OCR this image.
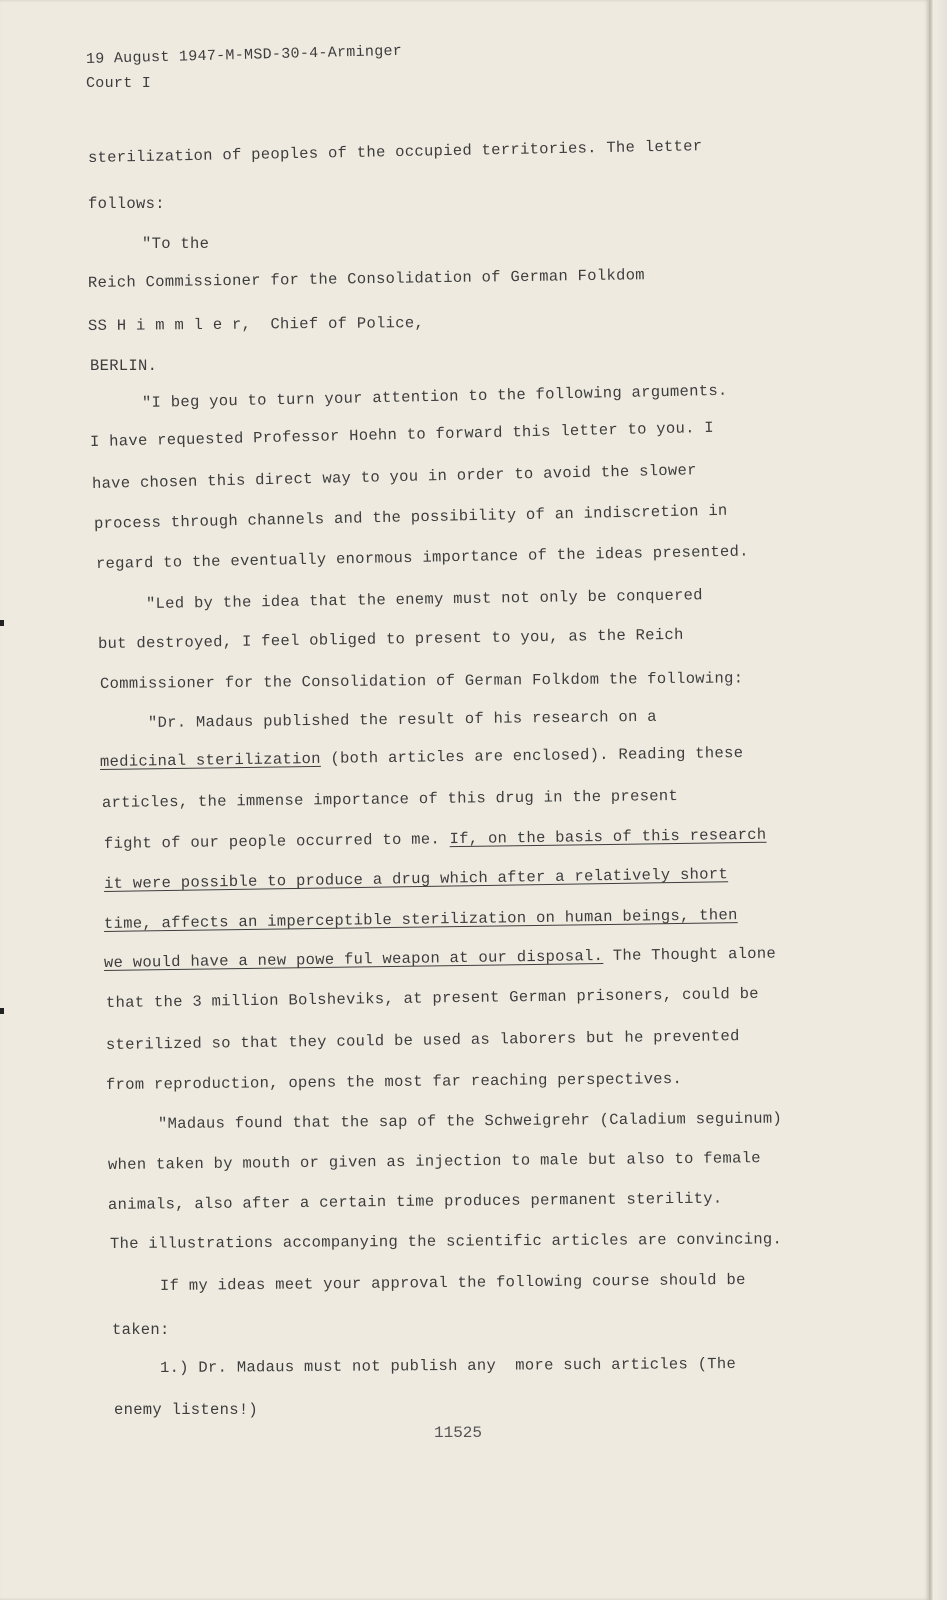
19 August 1947-M-MSD-30-4-Arminger
Court I
sterilization of peoples of the occupied territories. The letter
follows:
"To the
Reich Commissioner for the Consolidation of German Folkdom
SS H i m m l e r,  Chief of Police,
BERLIN.
"I beg you to turn your attention to the following arguments.
I have requested Professor Hoehn to forward this letter to you. I
have chosen this direct way to you in order to avoid the slower
process through channels and the possibility of an indiscretion in
regard to the eventually enormous importance of the ideas presented.
"Led by the idea that the enemy must not only be conquered
but destroyed, I feel obliged to present to you, as the Reich
Commissioner for the Consolidation of German Folkdom the following:
"Dr. Madaus published the result of his research on a
medicinal sterilization (both articles are enclosed). Reading these
articles, the immense importance of this drug in the present
fight of our people occurred to me. If, on the basis of this research
it were possible to produce a drug which after a relatively short
time, affects an imperceptible sterilization on human beings, then
we would have a new powe ful weapon at our disposal. The Thought alone
that the 3 million Bolsheviks, at present German prisoners, could be
sterilized so that they could be used as laborers but he prevented
from reproduction, opens the most far reaching perspectives.
"Madaus found that the sap of the Schweigrehr (Caladium seguinum)
when taken by mouth or given as injection to male but also to female
animals, also after a certain time produces permanent sterility.
The illustrations accompanying the scientific articles are convincing.
If my ideas meet your approval the following course should be
taken:
1.) Dr. Madaus must not publish any  more such articles (The
enemy listens!)
11525
